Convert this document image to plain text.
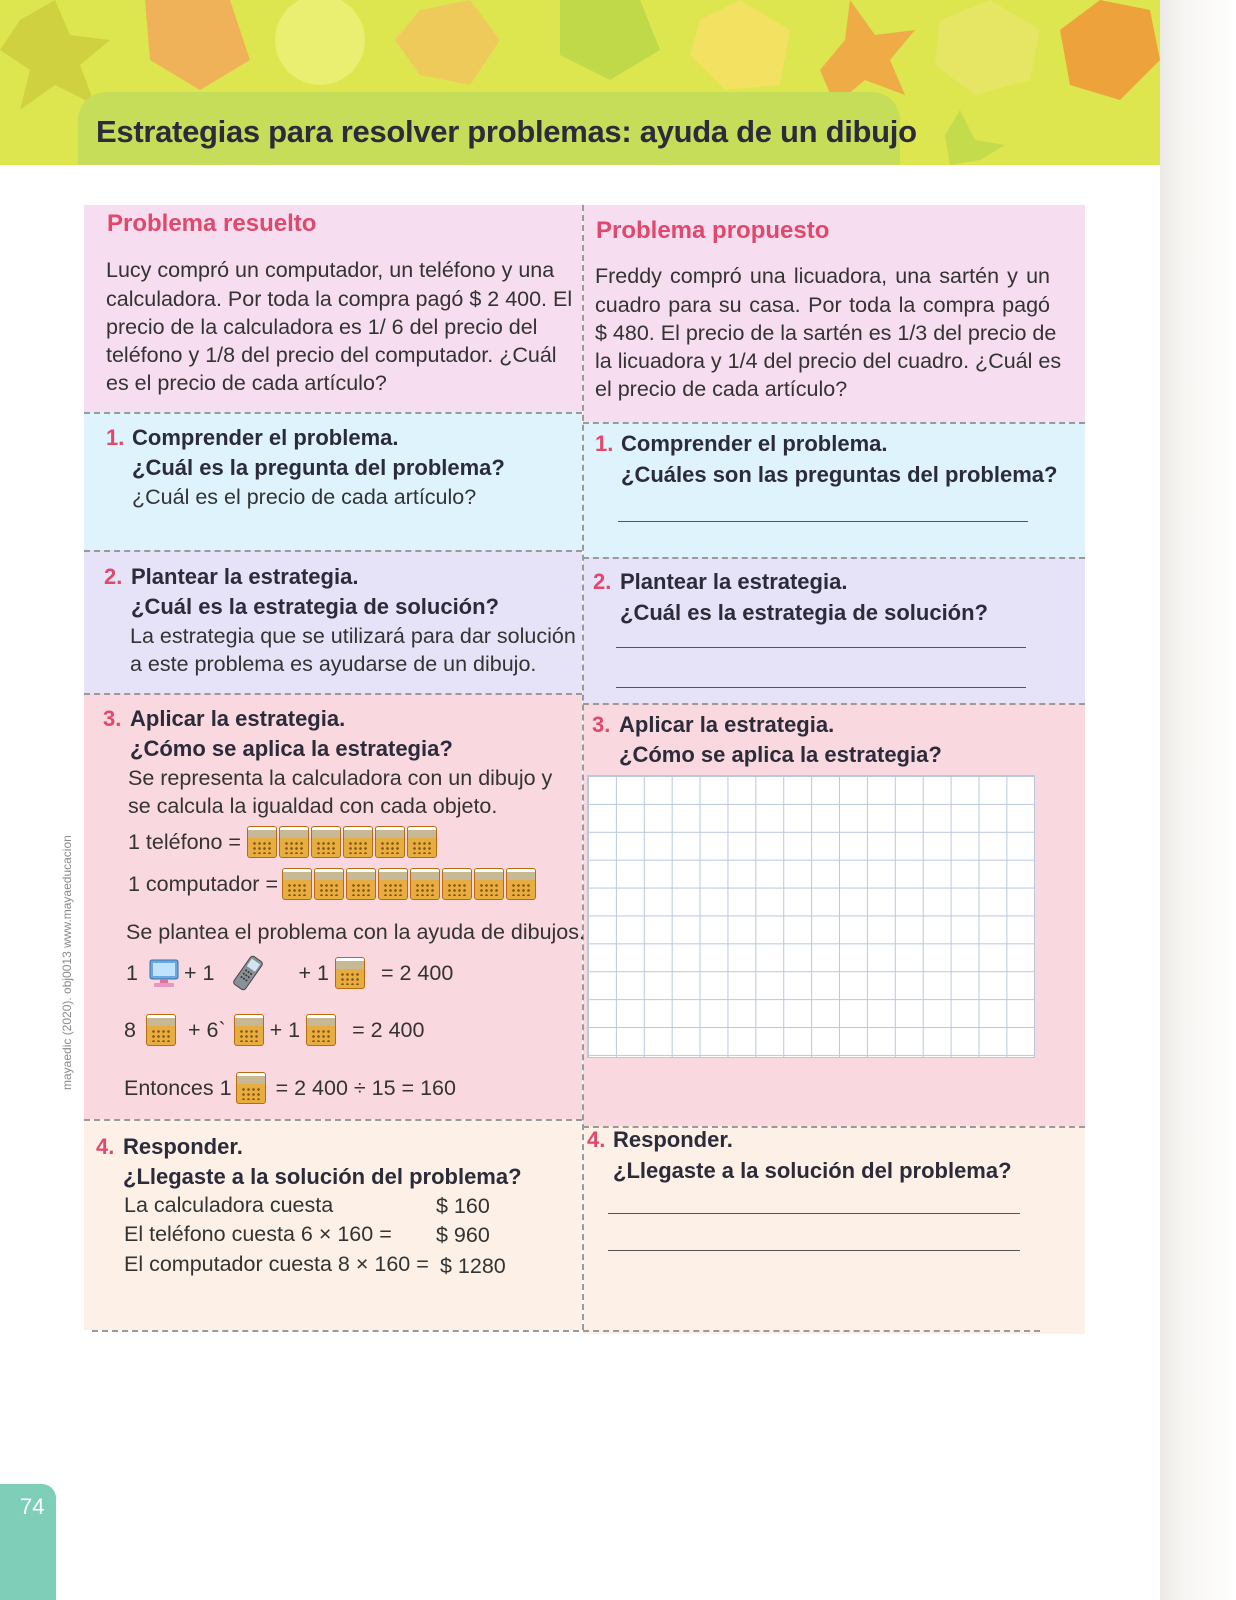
Estrategias para resolver problemas: ayuda de un dibujo
Problema resuelto
Lucy compró un computador, un teléfono y una
calculadora. Por toda la compra pagó $ 2 400. El
precio de la calculadora es 1/ 6 del precio del
teléfono y 1/8 del precio del computador. ¿Cuál
es el precio de cada artículo?
1. Comprender el problema.
¿Cuál es la pregunta del problema?
¿Cuál es el precio de cada artículo?
2. Plantear la estrategia.
¿Cuál es la estrategia de solución?
La estrategia que se utilizará para dar solución
a este problema es ayudarse de un dibujo.
3. Aplicar la estrategia.
¿Cómo se aplica la estrategia?
Se representa la calculadora con un dibujo y
se calcula la igualdad con cada objeto.
1 teléfono =
1 computador =
Se plantea el problema con la ayuda de dibujos.
1 + 1	+ 1 = 2 400
8 + 6` + 1 = 2 400
Entonces 1 = 2 400 ÷ 15 = 160
4. Responder.
¿Llegaste a la solución del problema?
La calculadora cuesta	$ 160
El teléfono cuesta 6 × 160 = $ 960
El computador cuesta 8 × 160 = $ 1280
Problema propuesto
Freddy compró una licuadora, una sartén y un
cuadro para su casa. Por toda la compra pagó
$ 480. El precio de la sartén es 1/3 del precio de
la licuadora y 1/4 del precio del cuadro. ¿Cuál es
el precio de cada artículo?
1. Comprender el problema.
¿Cuáles son las preguntas del problema?
2. Plantear la estrategia.
¿Cuál es la estrategia de solución?
3. Aplicar la estrategia.
¿Cómo se aplica la estrategia?
4. Responder.
¿Llegaste a la solución del problema?
mayaedic (2020). obj0013 www.mayaeducacion
74
